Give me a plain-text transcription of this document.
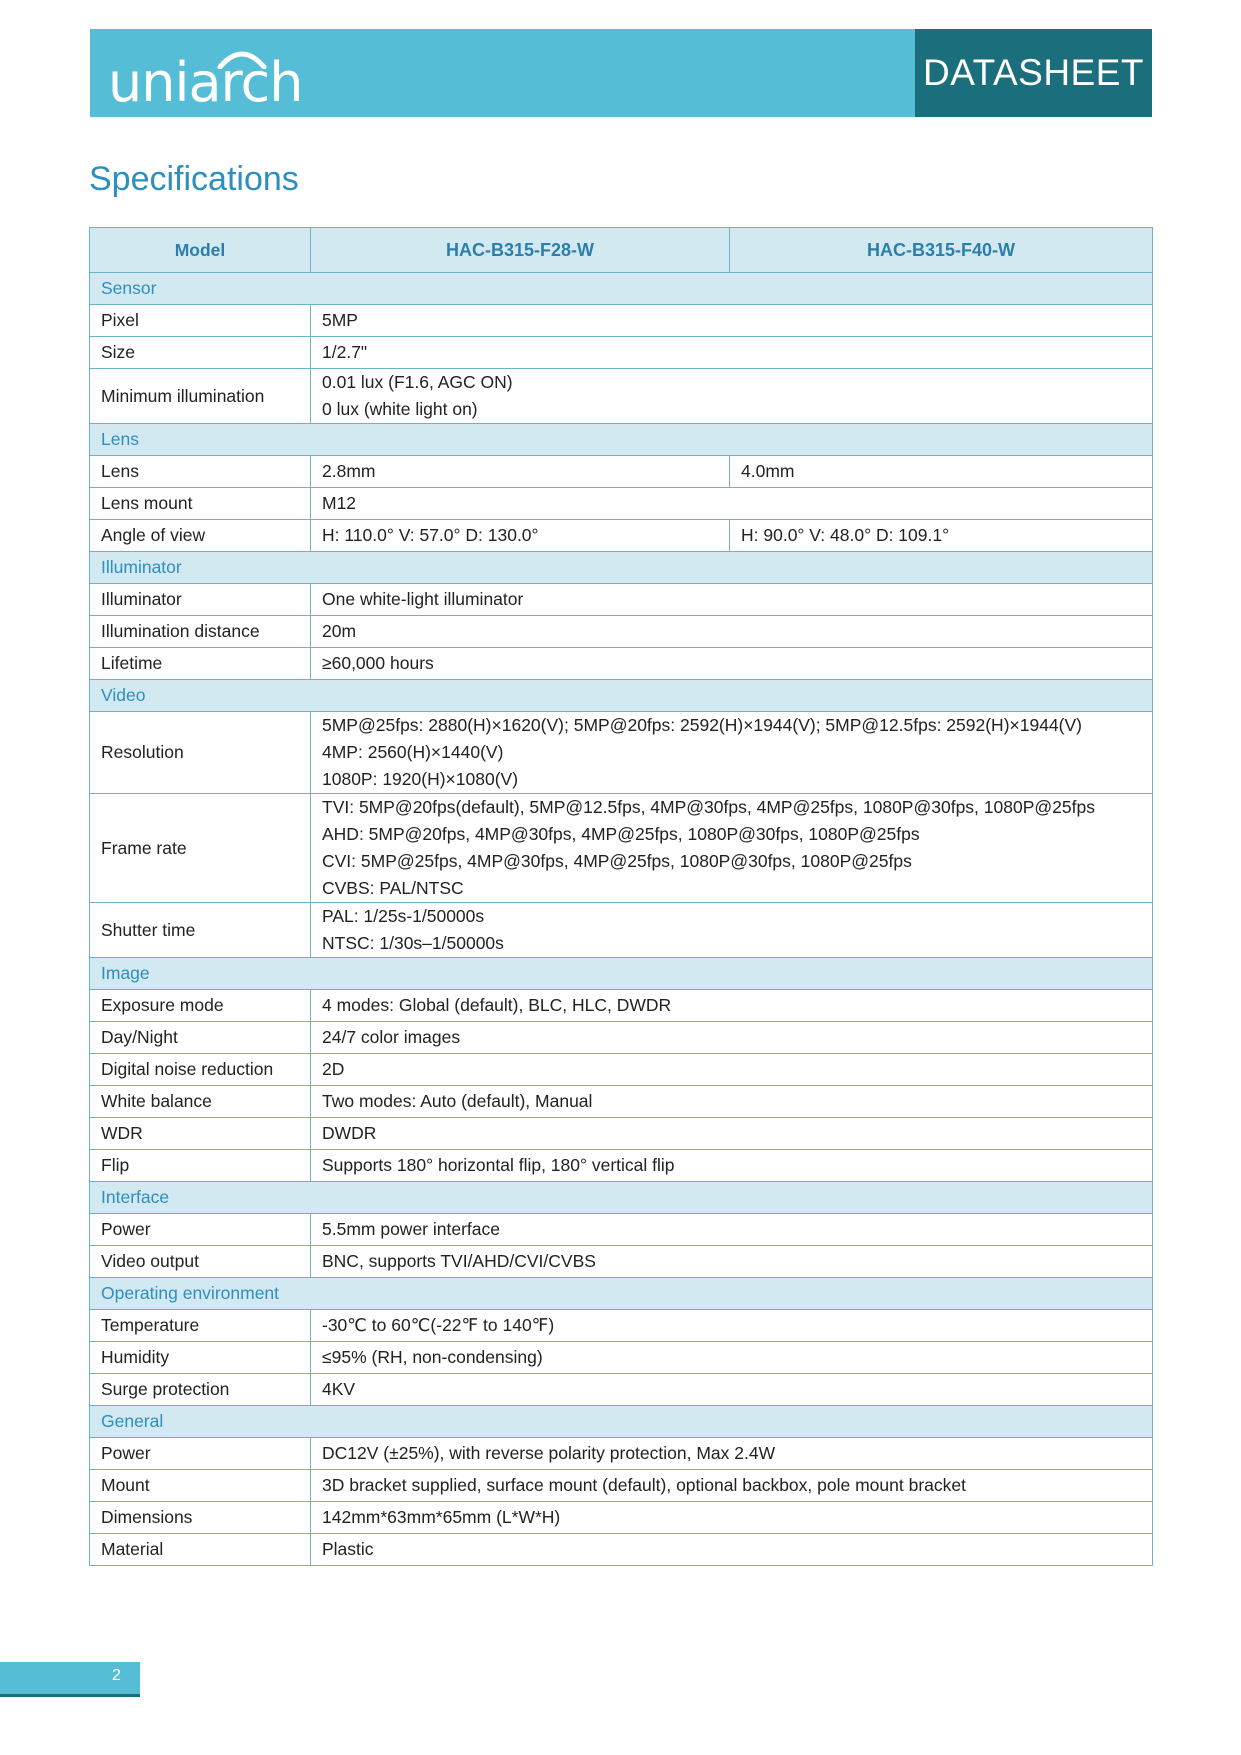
uniarch	DATASHEET
Specifications
Model	HAC-B315-F28-W	HAC-B315-F40-W
Sensor		
Pixel	5MP	
Size	1/2.7"	
Minimum illumination	0.01 lux (F1.6, AGC ON)
0 lux (white light on)	
Lens		
Lens	2.8mm	4.0mm
Lens mount	M12	
Angle of view	H: 110.0° V: 57.0° D: 130.0°	H: 90.0° V: 48.0° D: 109.1°
Illuminator		
Illuminator	One white-light illuminator	
Illumination distance	20m	
Lifetime	≥60,000 hours	
Video		
Resolution	5MP@25fps: 2880(H)×1620(V); 5MP@20fps: 2592(H)×1944(V); 5MP@12.5fps: 2592(H)×1944(V)
4MP: 2560(H)×1440(V)
1080P: 1920(H)×1080(V)	
Frame rate	TVI: 5MP@20fps(default), 5MP@12.5fps, 4MP@30fps, 4MP@25fps, 1080P@30fps, 1080P@25fps
AHD: 5MP@20fps, 4MP@30fps, 4MP@25fps, 1080P@30fps, 1080P@25fps
CVI: 5MP@25fps, 4MP@30fps, 4MP@25fps, 1080P@30fps, 1080P@25fps
CVBS: PAL/NTSC	
Shutter time	PAL: 1/25s-1/50000s
NTSC: 1/30s–1/50000s	
Image		
Exposure mode	4 modes: Global (default), BLC, HLC, DWDR	
Day/Night	24/7 color images	
Digital noise reduction	2D	
White balance	Two modes: Auto (default), Manual	
WDR	DWDR	
Flip	Supports 180° horizontal flip, 180° vertical flip	
Interface		
Power	5.5mm power interface	
Video output	BNC, supports TVI/AHD/CVI/CVBS	
Operating environment		
Temperature	-30℃ to 60℃(-22℉ to 140℉)	
Humidity	≤95% (RH, non-condensing)	
Surge protection	4KV	
General		
Power	DC12V (±25%), with reverse polarity protection, Max 2.4W	
Mount	3D bracket supplied, surface mount (default), optional backbox, pole mount bracket	
Dimensions	142mm*63mm*65mm (L*W*H)	
Material	Plastic	
2
